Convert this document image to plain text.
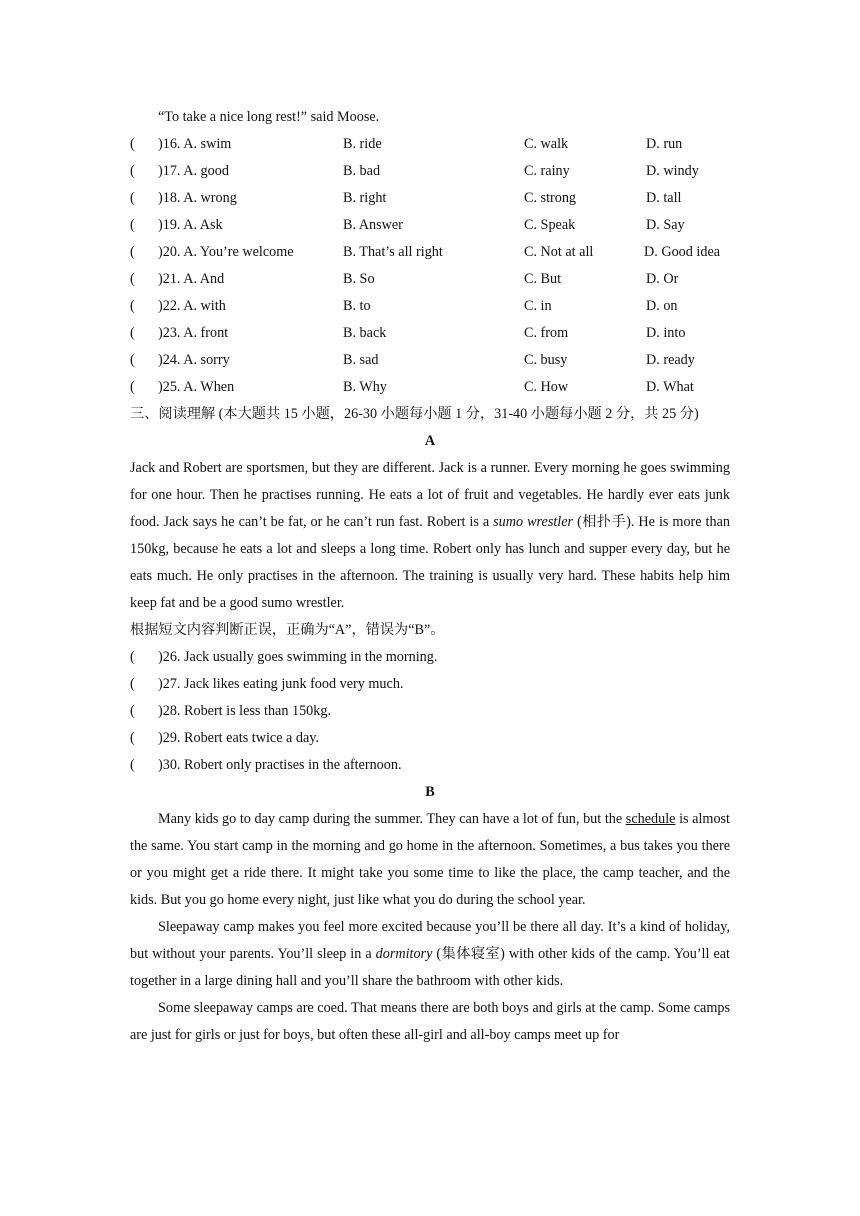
“To take a nice long rest!” said Moose.
( )16. A. swim	B. ride	C. walk	D. run
( )17. A. good	B. bad	C. rainy	D. windy
( )18. A. wrong	B. right	C. strong	D. tall
( )19. A. Ask	B. Answer	C. Speak	D. Say
( )20. A. You’re welcome	B. That’s all right	C. Not at all	D. Good idea
( )21. A. And	B. So	C. But	D. Or
( )22. A. with	B. to	C. in	D. on
( )23. A. front	B. back	C. from	D. into
( )24. A. sorry	B. sad	C. busy	D. ready
( )25. A. When	B. Why	C. How	D. What

三、阅读理解 (本大题共 15 小题，26-30 小题每小题 1 分，31-40 小题每小题 2 分，共 25 分)

A

Jack and Robert are sportsmen, but they are different. Jack is a runner. Every morning he goes swimming for one hour. Then he practises running. He eats a lot of fruit and vegetables. He hardly ever eats junk food. Jack says he can’t be fat, or he can’t run fast. Robert is a sumo wrestler (相扑手). He is more than 150kg, because he eats a lot and sleeps a long time. Robert only has lunch and supper every day, but he eats much. He only practises in the afternoon. The training is usually very hard. These habits help him keep fat and be a good sumo wrestler.

根据短文内容判断正误，正确为“A”，错误为“B”。
( )26. Jack usually goes swimming in the morning.
( )27. Jack likes eating junk food very much.
( )28. Robert is less than 150kg.
( )29. Robert eats twice a day.
( )30. Robert only practises in the afternoon.
B

Many kids go to day camp during the summer. They can have a lot of fun, but the schedule is almost the same. You start camp in the morning and go home in the afternoon. Sometimes, a bus takes you there or you might get a ride there. It might take you some time to like the place, the camp teacher, and the kids. But you go home every night, just like what you do during the school year.

Sleepaway camp makes you feel more excited because you’ll be there all day. It’s a kind of holiday, but without your parents. You’ll sleep in a dormitory (集体寝室) with other kids of the camp. You’ll eat together in a large dining hall and you’ll share the bathroom with other kids.

Some sleepaway camps are coed. That means there are both boys and girls at the camp. Some camps are just for girls or just for boys, but often these all-girl and all-boy camps meet up for
